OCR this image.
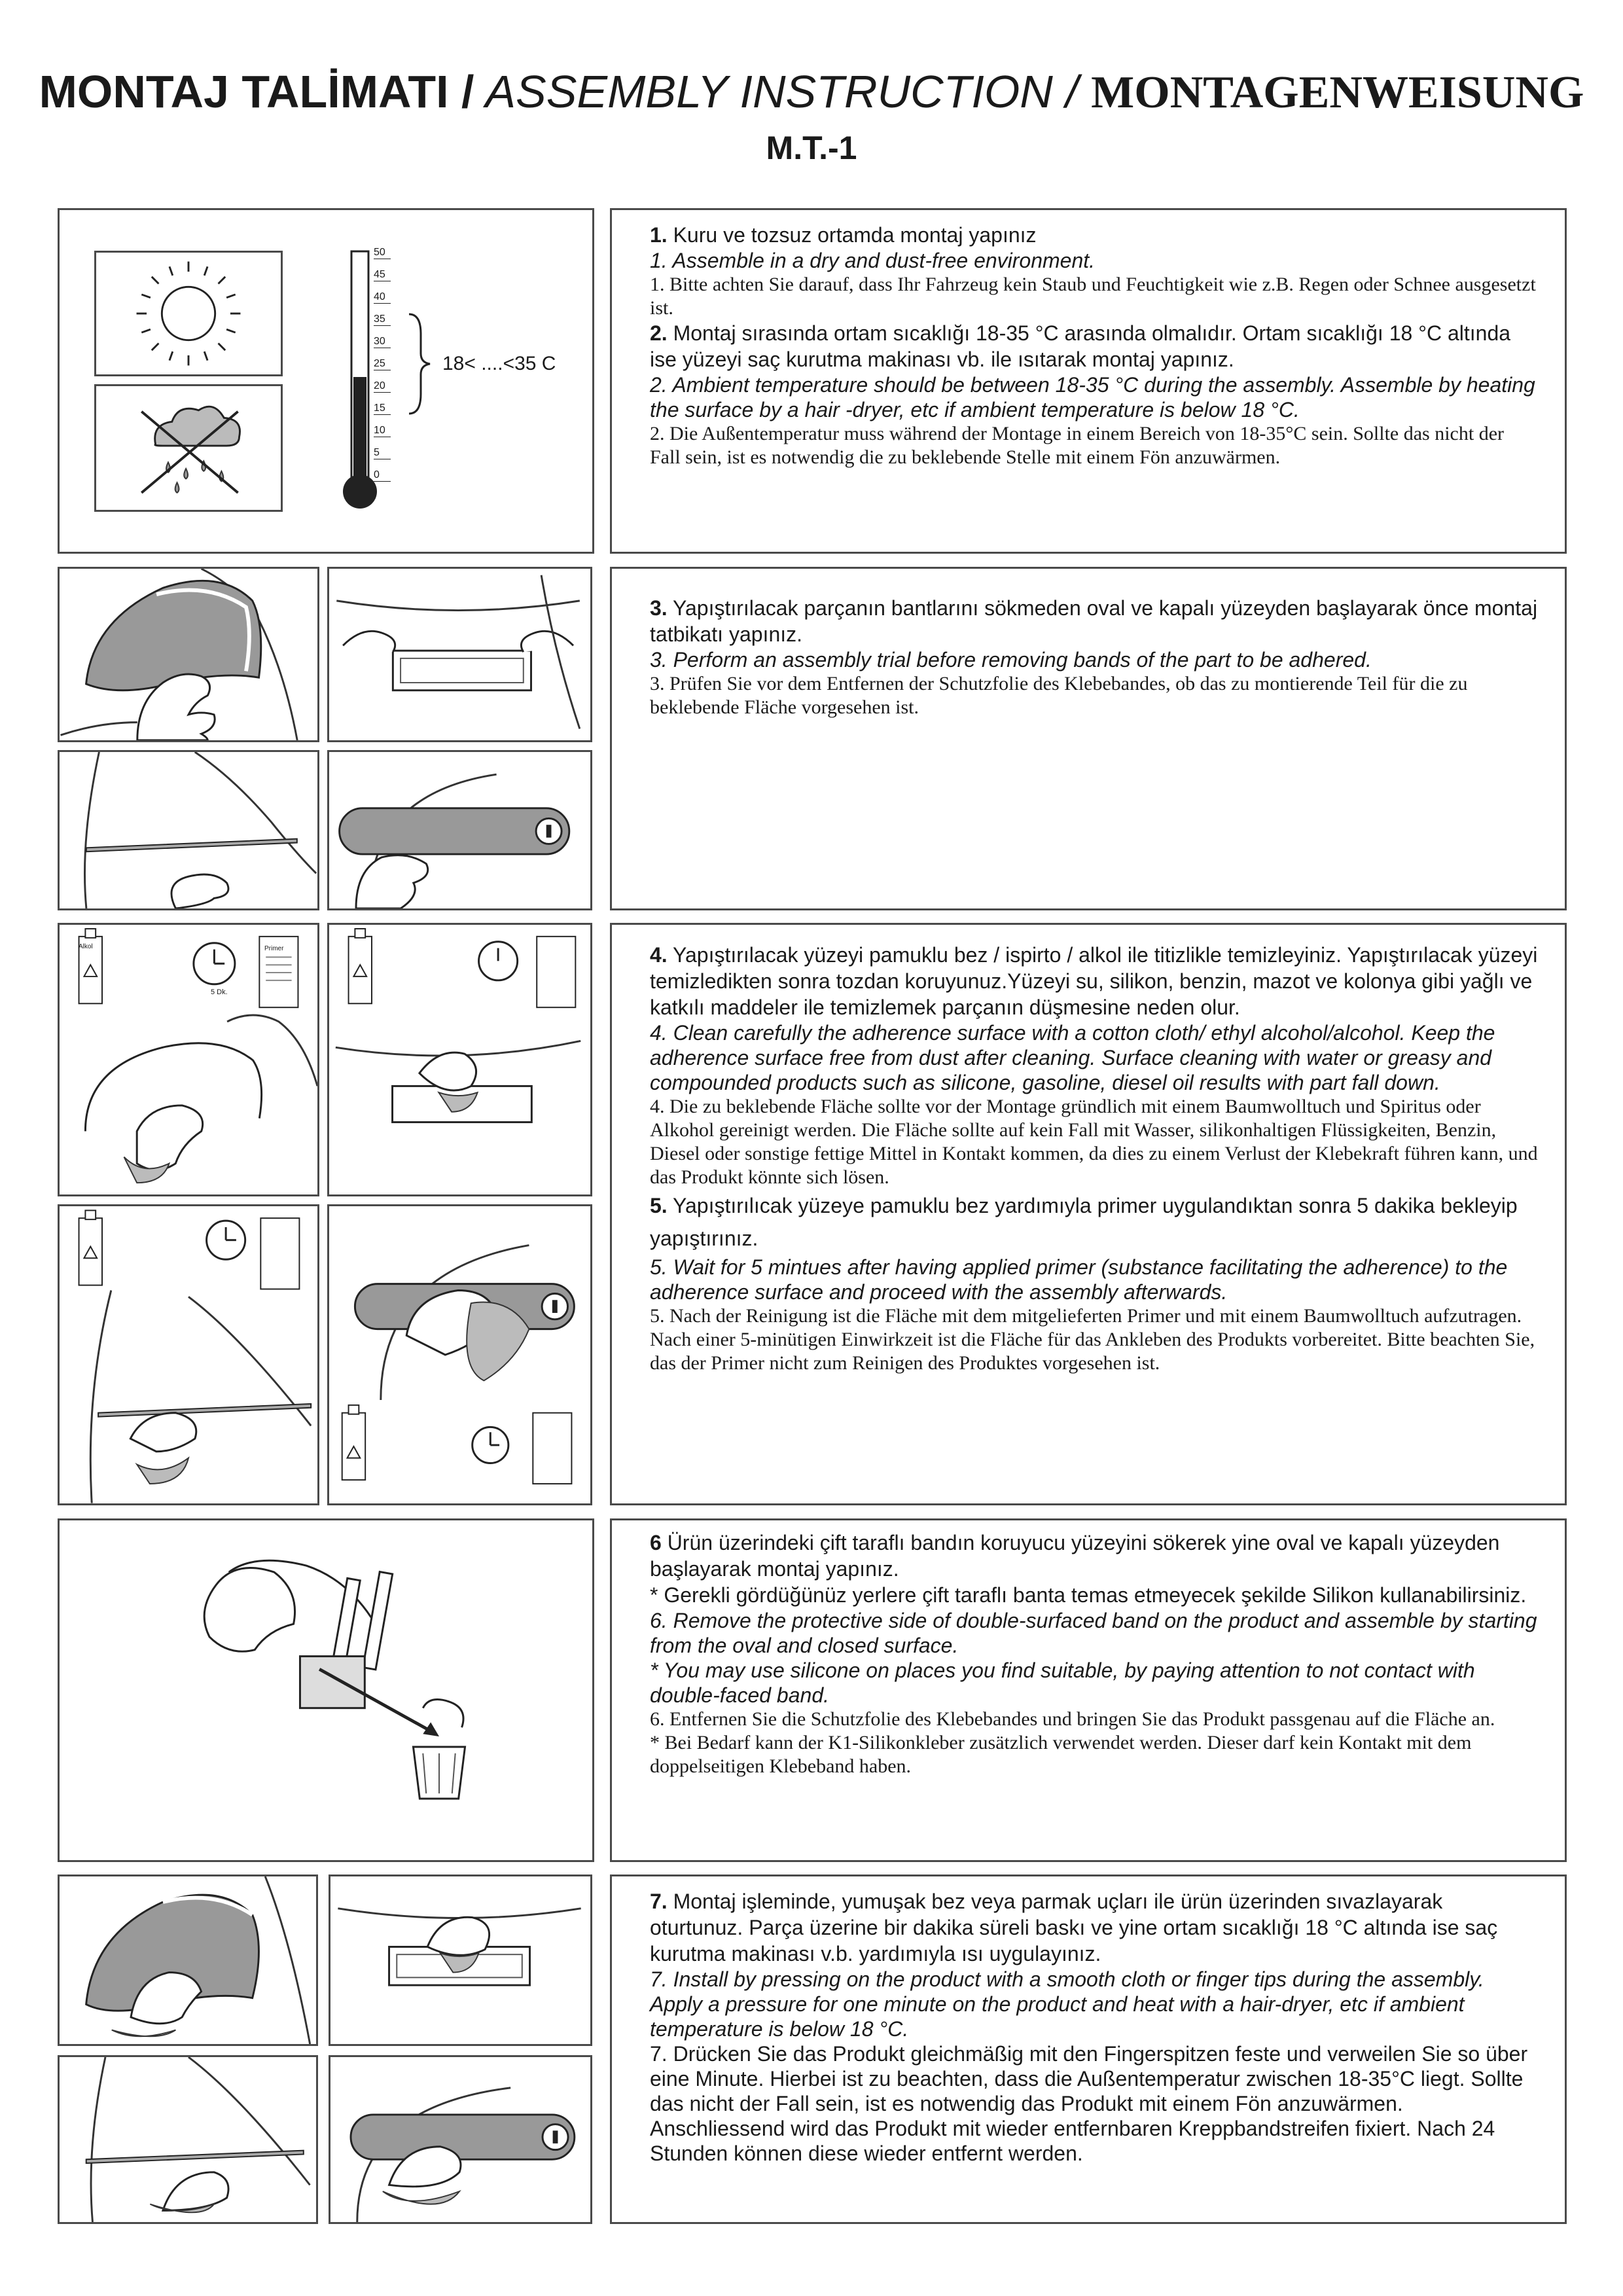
MONTAJ TALİMATI / ASSEMBLY INSTRUCTION / MONTAGENWEISUNG
M.T.-1
50
45
40
35
30
25
20
15
10
5
0
18< ....<35 C

1. Kuru ve tozsuz ortamda montaj yapınız

1. Assemble in a dry and dust-free environment.

1. Bitte achten Sie darauf, dass Ihr Fahrzeug kein Staub und Feuchtigkeit wie z.B. Regen oder Schnee ausgesetzt ist.

2. Montaj sırasında ortam sıcaklığı 18-35 °C arasında olmalıdır. Ortam sıcaklığı 18 °C altında ise yüzeyi saç kurutma makinası vb. ile ısıtarak montaj yapınız.

2. Ambient temperature should be between 18-35 °C during the assembly. Assemble by heating the surface by a hair -dryer, etc if ambient temperature is below 18 °C.

2. Die Außentemperatur muss während der Montage in einem Bereich von 18-35°C sein. Sollte das nicht der Fall sein, ist es notwendig die zu beklebende Stelle mit einem Fön anzuwärmen.

3. Yapıştırılacak parçanın bantlarını sökmeden oval ve kapalı yüzeyden başlayarak önce montaj tatbikatı yapınız.

3. Perform an assembly trial before removing bands of the part to be adhered.

3. Prüfen Sie vor dem Entfernen der Schutzfolie des Klebebandes, ob das zu montierende Teil für die zu beklebende Fläche vorgesehen ist.

4. Yapıştırılacak yüzeyi pamuklu bez / ispirto / alkol ile titizlikle temizleyiniz. Yapıştırılacak yüzeyi temizledikten sonra tozdan koruyunuz.Yüzeyi su, silikon, benzin, mazot ve kolonya gibi yağlı ve katkılı maddeler ile temizlemek parçanın düşmesine neden olur.

4. Clean carefully the adherence surface with a cotton cloth/ ethyl alcohol/alcohol. Keep the adherence surface free from dust after cleaning. Surface cleaning with water or greasy and compounded products such as silicone, gasoline, diesel oil results with part fall down.

4. Die zu beklebende Fläche sollte vor der Montage gründlich mit einem Baumwolltuch und Spiritus oder Alkohol gereinigt werden. Die Fläche sollte auf kein Fall mit Wasser, silikonhaltigen Flüssigkeiten, Benzin, Diesel oder sonstige fettige Mittel in Kontakt kommen, da dies zu einem Verlust der Klebekraft führen kann, und das Produkt könnte sich lösen.

5. Yapıştırılıcak yüzeye pamuklu bez yardımıyla primer uygulandıktan sonra 5 dakika bekleyip yapıştırınız.

5. Wait for 5 mintues after having applied primer (substance facilitating the adherence) to the adherence surface and proceed with the assembly afterwards.

5. Nach der Reinigung ist die Fläche mit dem mitgelieferten Primer und mit einem Baumwolltuch aufzutragen. Nach einer 5-minütigen Einwirkzeit ist die Fläche für das Ankleben des Produkts vorbereitet. Bitte beachten Sie, das der Primer nicht zum Reinigen des Produktes vorgesehen ist.

Alkol	Primer
5 Dk.

6 Ürün üzerindeki çift taraflı bandın koruyucu yüzeyini sökerek yine oval ve kapalı yüzeyden başlayarak montaj yapınız.

* Gerekli gördüğünüz yerlere çift taraflı banta temas etmeyecek şekilde Silikon kullanabilirsiniz.

6. Remove the protective side of double-surfaced band on the product and assemble by starting from the oval and closed surface.

* You may use silicone on places you find suitable, by paying attention to not contact with double-faced band.

6. Entfernen Sie die Schutzfolie des Klebebandes und bringen Sie das Produkt passgenau auf die Fläche an.

* Bei Bedarf kann der K1-Silikonkleber zusätzlich verwendet werden. Dieser darf kein Kontakt mit dem doppelseitigen Klebeband haben.

7. Montaj işleminde, yumuşak bez veya parmak uçları ile ürün üzerinden sıvazlayarak oturtunuz. Parça üzerine bir dakika süreli baskı ve yine ortam sıcaklığı 18 °C altında ise saç kurutma makinası v.b. yardımıyla ısı uygulayınız.

7. Install by pressing on the product with a smooth cloth or finger tips during the assembly. Apply a pressure for one minute on the product and heat with a hair-dryer, etc if ambient temperature is below 18 °C.

7. Drücken Sie das Produkt gleichmäßig mit den Fingerspitzen feste und verweilen Sie so über eine Minute. Hierbei ist zu beachten, dass die Außentemperatur zwischen 18-35°C liegt. Sollte das nicht der Fall sein, ist es notwendig das Produkt mit einem Fön anzuwärmen. Anschliessend wird das Produkt mit wieder entfernbaren Kreppbandstreifen fixiert. Nach 24 Stunden können diese wieder entfernt werden.
